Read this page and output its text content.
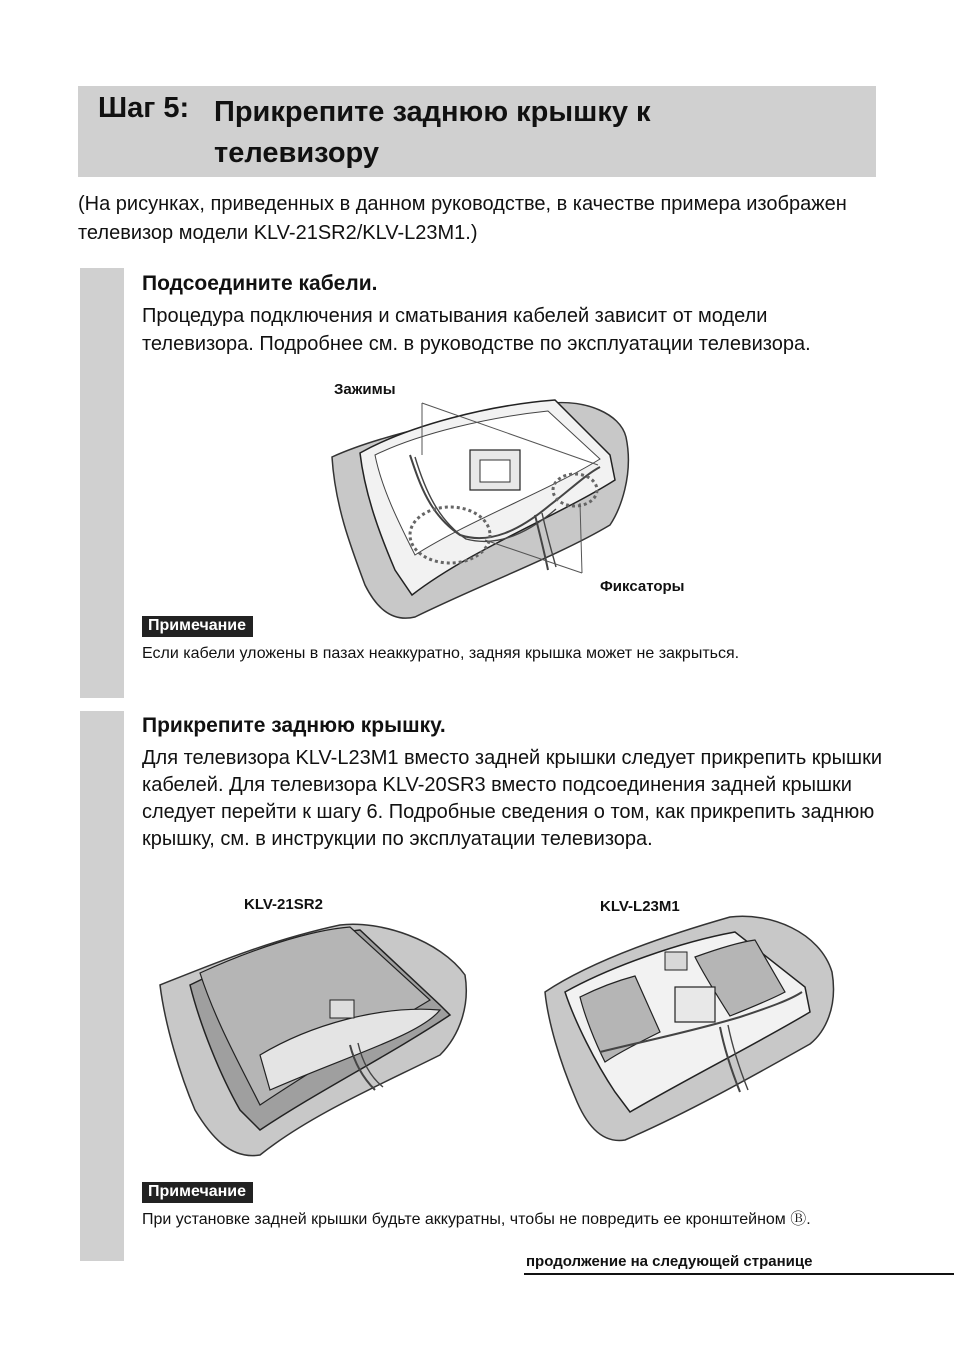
Шаг 5: Прикрепите заднюю крышку к телевизору
(На рисунках, приведенных в данном руководстве, в качестве примера изображен телевизор модели KLV-21SR2/KLV-L23M1.)
Подсоедините кабели.
Процедура подключения и сматывания кабелей зависит от модели телевизора. Подробнее см. в руководстве по эксплуатации телевизора.
Зажимы
Фиксаторы
Примечание
Если кабели уложены в пазах неаккуратно, задняя крышка может не закрыться.
Прикрепите заднюю крышку.
Для телевизора KLV-L23M1 вместо задней крышки следует прикрепить крышки кабелей. Для телевизора KLV-20SR3 вместо подсоединения задней крышки следует перейти к шагу 6. Подробные сведения о том, как прикрепить заднюю крышку, см. в инструкции по эксплуатации телевизора.
KLV-21SR2	KLV-L23M1
Примечание
При установке задней крышки будьте аккуратны, чтобы не повредить ее кронштейном Ⓑ.
продолжение на следующей странице
